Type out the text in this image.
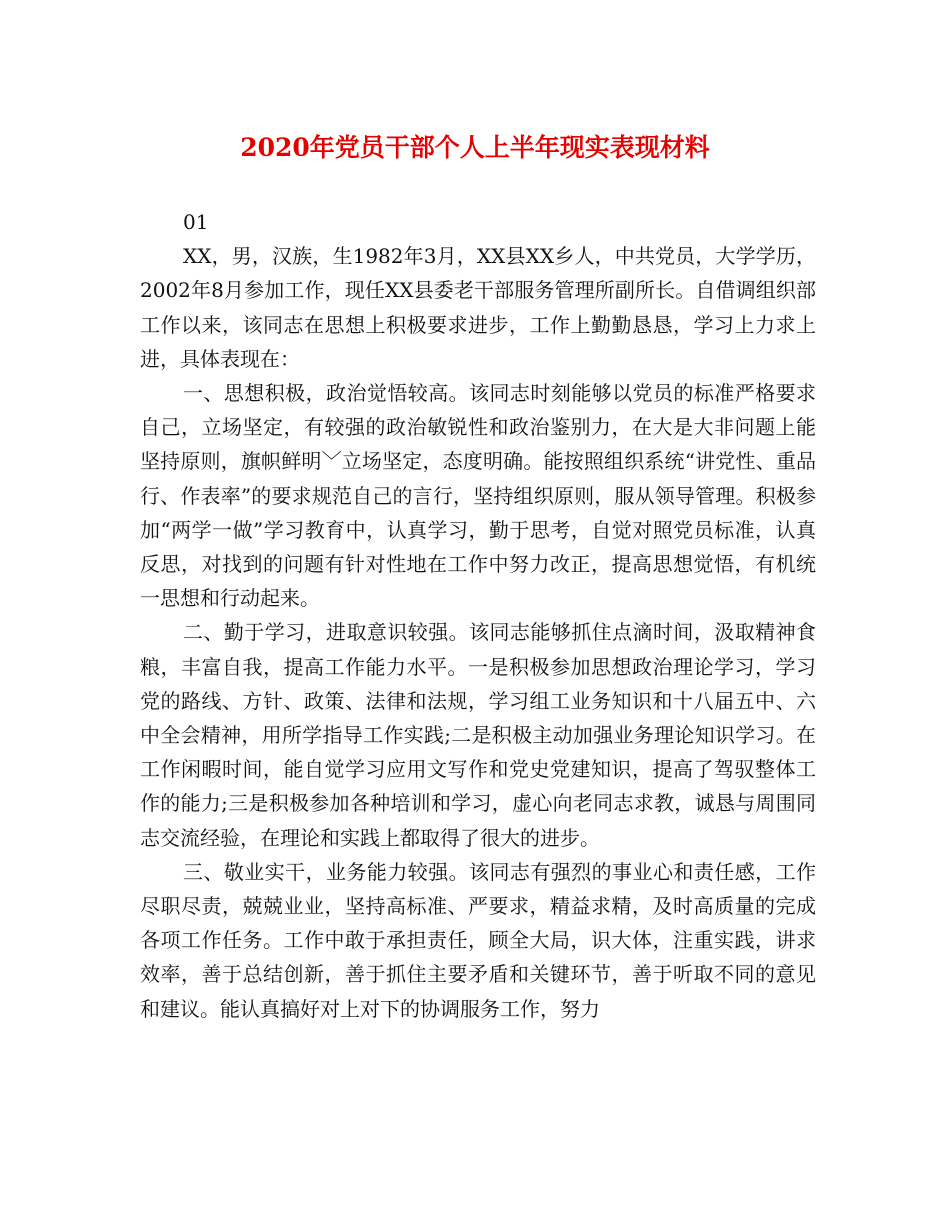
2020年党员干部个人上半年现实表现材料

01

XX，男，汉族，生1982年3月，XX县XX乡人，中共党员，大学学历，2002年8月参加工作，现任XX县委老干部服务管理所副所长。自借调组织部工作以来，该同志在思想上积极要求进步，工作上勤勤恳恳，学习上力求上进，具体表现在：

一、思想积极，政治觉悟较高。该同志时刻能够以党员的标准严格要求自己，立场坚定，有较强的政治敏锐性和政治鉴别力，在大是大非问题上能坚持原则，旗帜鲜明﹀立场坚定，态度明确。能按照组织系统“讲党性、重品行、作表率”的要求规范自己的言行，坚持组织原则，服从领导管理。积极参加“两学一做”学习教育中，认真学习，勤于思考，自觉对照党员标准，认真反思，对找到的问题有针对性地在工作中努力改正，提高思想觉悟，有机统一思想和行动起来。

二、勤于学习，进取意识较强。该同志能够抓住点滴时间，汲取精神食粮，丰富自我，提高工作能力水平。一是积极参加思想政治理论学习，学习党的路线、方针、政策、法律和法规，学习组工业务知识和十八届五中、六中全会精神，用所学指导工作实践;二是积极主动加强业务理论知识学习。在工作闲暇时间，能自觉学习应用文写作和党史党建知识，提高了驾驭整体工作的能力;三是积极参加各种培训和学习，虚心向老同志求教，诚恳与周围同志交流经验，在理论和实践上都取得了很大的进步。

三、敬业实干，业务能力较强。该同志有强烈的事业心和责任感，工作尽职尽责，兢兢业业，坚持高标准、严要求，精益求精，及时高质量的完成各项工作任务。工作中敢于承担责任，顾全大局，识大体，注重实践，讲求效率，善于总结创新，善于抓住主要矛盾和关键环节，善于听取不同的意见和建议。能认真搞好对上对下的协调服务工作，努力
